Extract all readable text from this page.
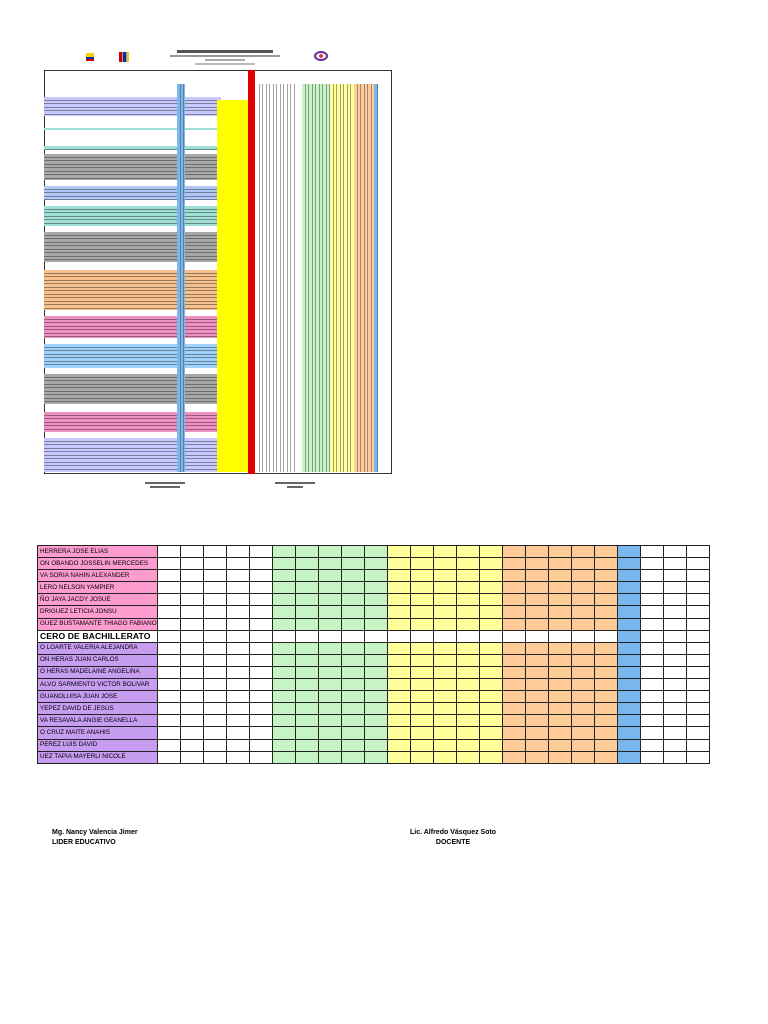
HERRERA JOSE ELIAS																								
ON OBANDO JOSSELIN MERCEDES																								
VA SORIA NAHIN ALEXANDER																								
LERO NELSON YAMPIER																								
ÑO JAYA JACDY JOSUE																								
DRIGUEZ LETICIA JONSU																								
GUEZ BUSTAMANTE THIAGO FABIANO																								
CERO DE BACHILLERATO																								
O LOARTE VALERIA ALEJANDRA																								
ON HERAS JUAN CARLOS																								
O HERAS MADELAINE ANGELINA																								
ALVO SARMIENTO VICTOR BOLIVAR																								
GUANOLUISA JUAN JOSE																								
YEPEZ DAVID DE JESUS																								
VA RESAVALA ANGIE GEANELLA																								
O CRUZ MAITE ANAHIS																								
PEREZ LUIS DAVID																								
UEZ TAPIA MAYERLI NICOLE																								
Mg. Nancy Valencia Jimer
LIDER EDUCATIVO
Lic. Alfredo Vásquez Soto
DOCENTE
